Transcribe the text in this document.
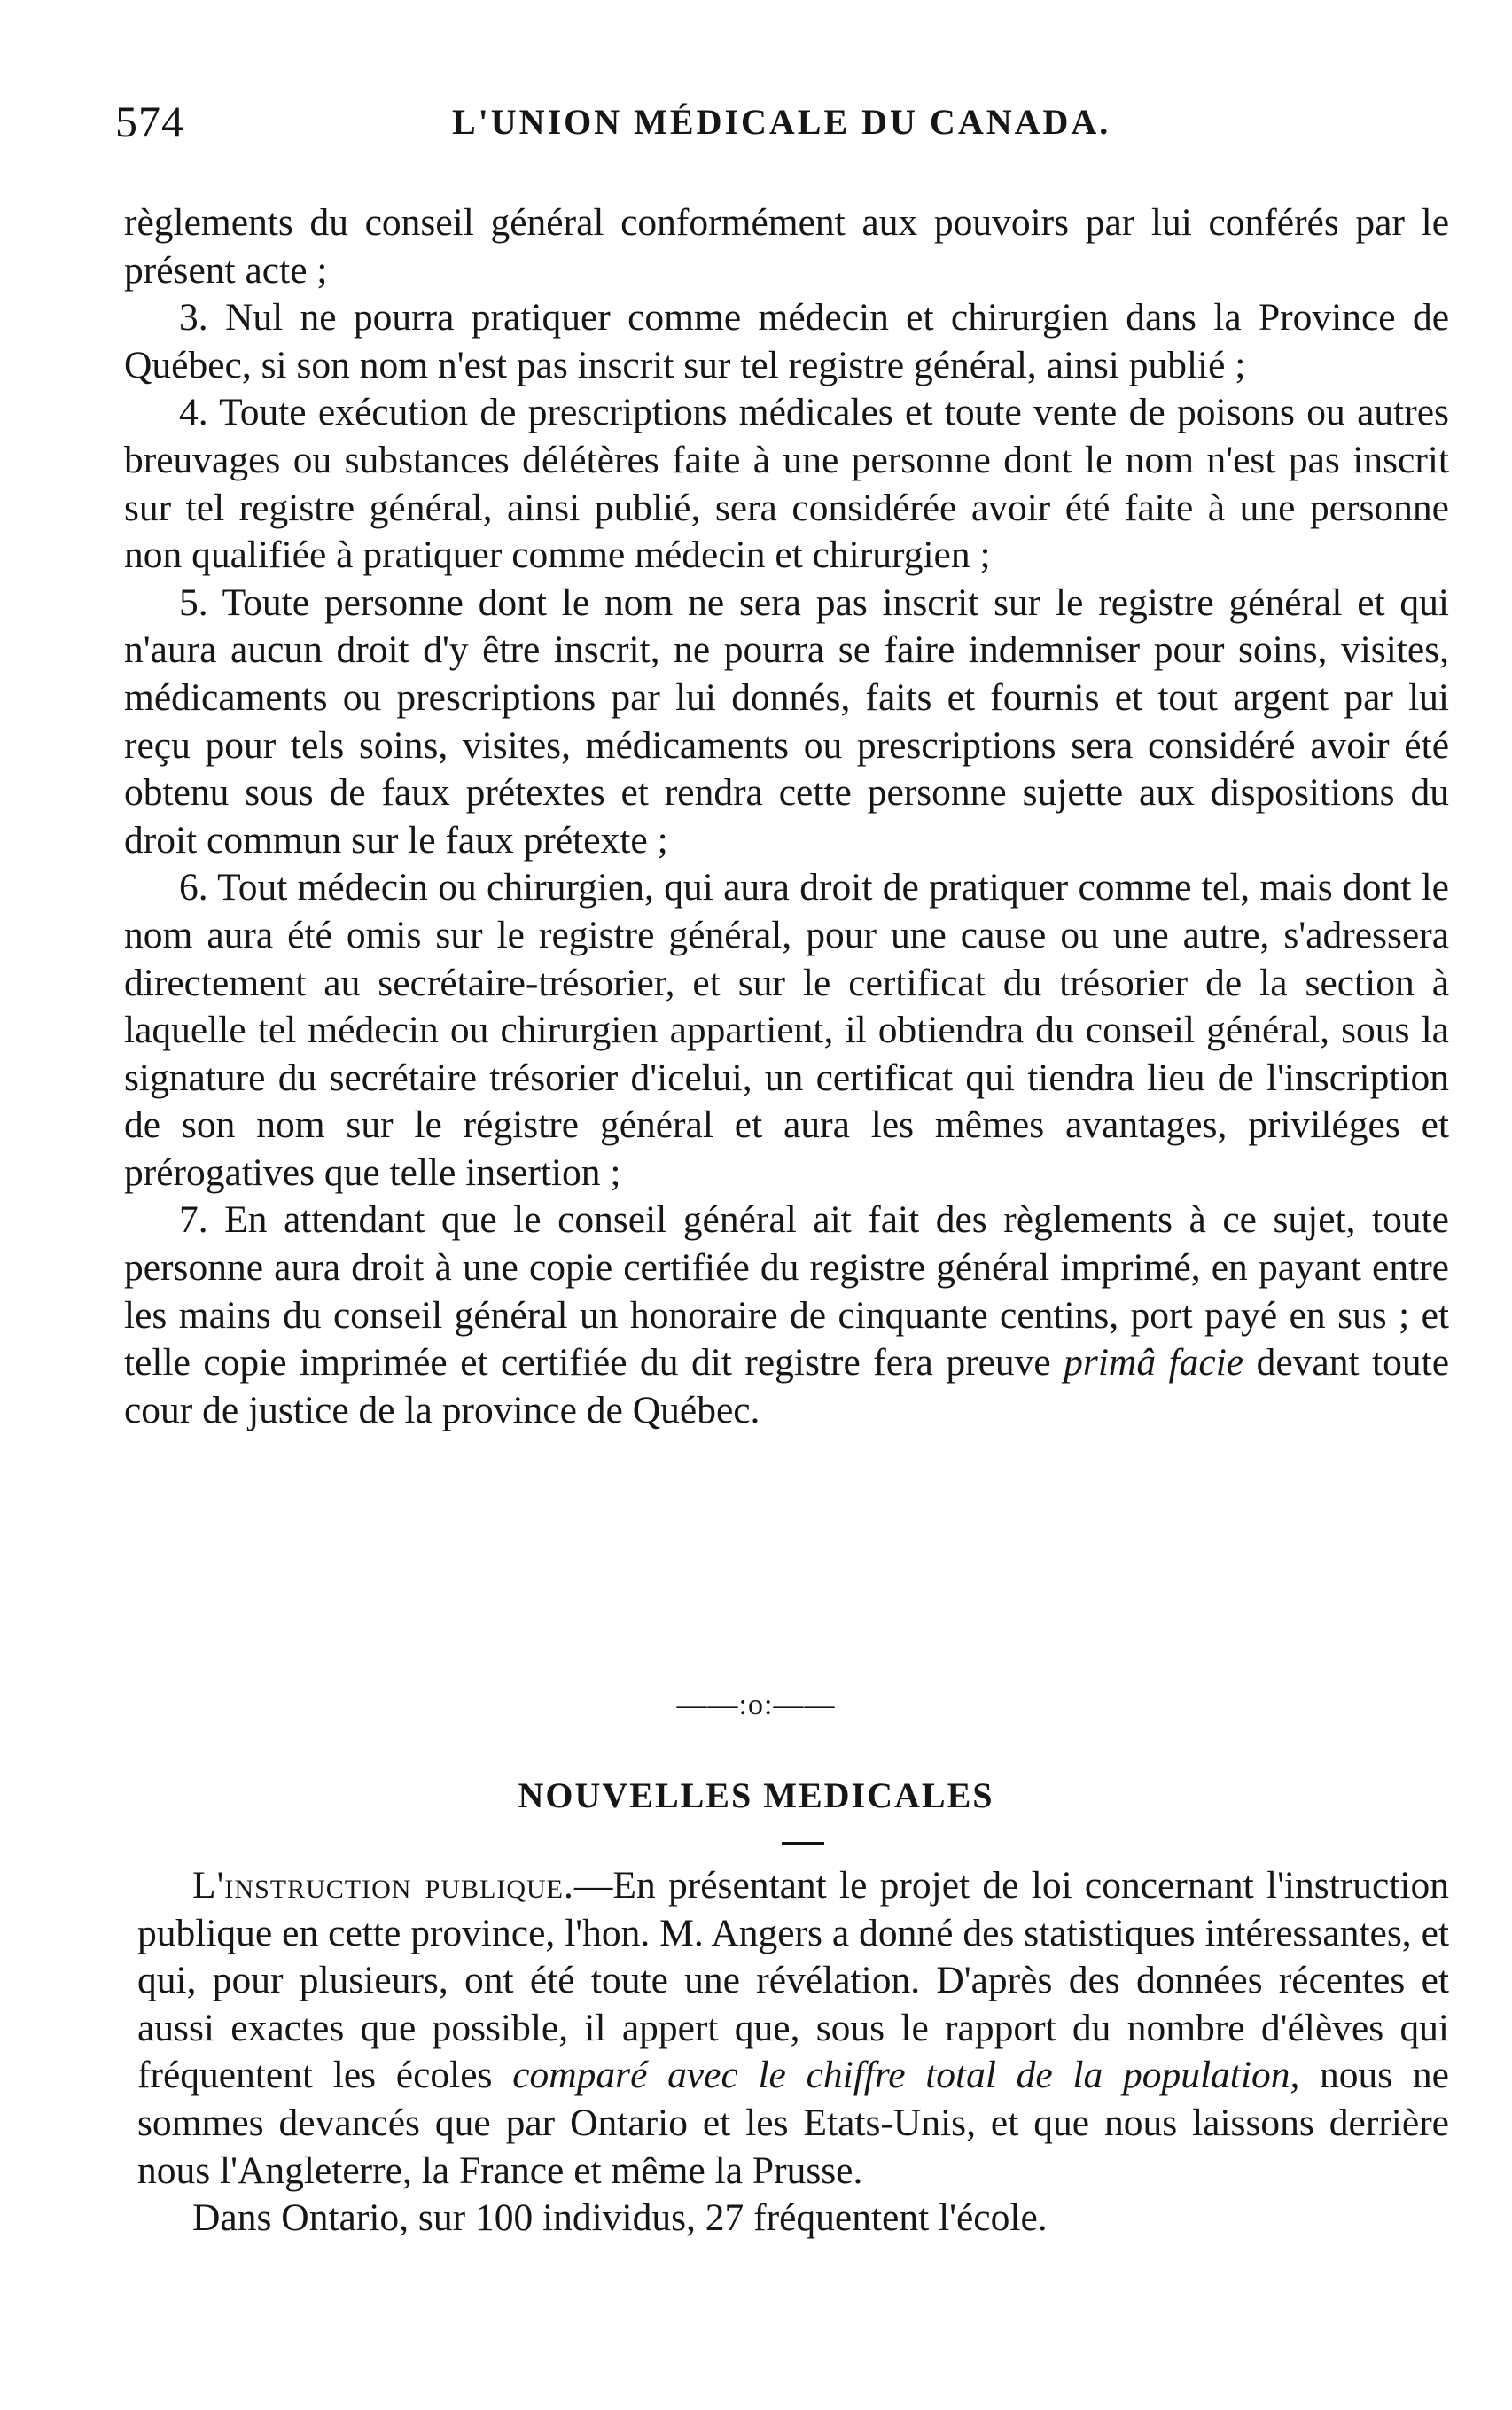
574	L'UNION MÉDICALE DU CANADA.

règlements du conseil général conformément aux pouvoirs par lui conférés par le présent acte ;

3. Nul ne pourra pratiquer comme médecin et chirurgien dans la Province de Québec, si son nom n'est pas inscrit sur tel registre général, ainsi publié ;

4. Toute exécution de prescriptions médicales et toute vente de poisons ou autres breuvages ou substances délétères faite à une personne dont le nom n'est pas inscrit sur tel registre général, ainsi publié, sera considérée avoir été faite à une personne non qualifiée à pratiquer comme médecin et chirurgien ;

5. Toute personne dont le nom ne sera pas inscrit sur le registre général et qui n'aura aucun droit d'y être inscrit, ne pourra se faire indemniser pour soins, visites, médicaments ou prescriptions par lui donnés, faits et fournis et tout argent par lui reçu pour tels soins, visites, médicaments ou prescriptions sera considéré avoir été obtenu sous de faux prétextes et rendra cette personne sujette aux dispositions du droit commun sur le faux prétexte ;

6. Tout médecin ou chirurgien, qui aura droit de pratiquer comme tel, mais dont le nom aura été omis sur le registre général, pour une cause ou une autre, s'adressera directement au secrétaire-trésorier, et sur le certificat du trésorier de la section à laquelle tel médecin ou chirurgien appartient, il obtiendra du conseil général, sous la signature du secrétaire trésorier d'icelui, un certificat qui tiendra lieu de l'inscription de son nom sur le régistre général et aura les mêmes avantages, priviléges et prérogatives que telle insertion ;

7. En attendant que le conseil général ait fait des règlements à ce sujet, toute personne aura droit à une copie certifiée du registre général imprimé, en payant entre les mains du conseil général un honoraire de cinquante centins, port payé en sus ; et telle copie imprimée et certifiée du dit registre fera preuve primâ facie devant toute cour de justice de la province de Québec.

——:o:——
NOUVELLES MEDICALES

L'instruction publique.—En présentant le projet de loi concernant l'instruction publique en cette province, l'hon. M. Angers a donné des statistiques intéressantes, et qui, pour plusieurs, ont été toute une révélation. D'après des données récentes et aussi exactes que possible, il appert que, sous le rapport du nombre d'élèves qui fréquentent les écoles comparé avec le chiffre total de la population, nous ne sommes devancés que par Ontario et les Etats-Unis, et que nous laissons derrière nous l'Angleterre, la France et même la Prusse.

Dans Ontario, sur 100 individus, 27 fréquentent l'école.
